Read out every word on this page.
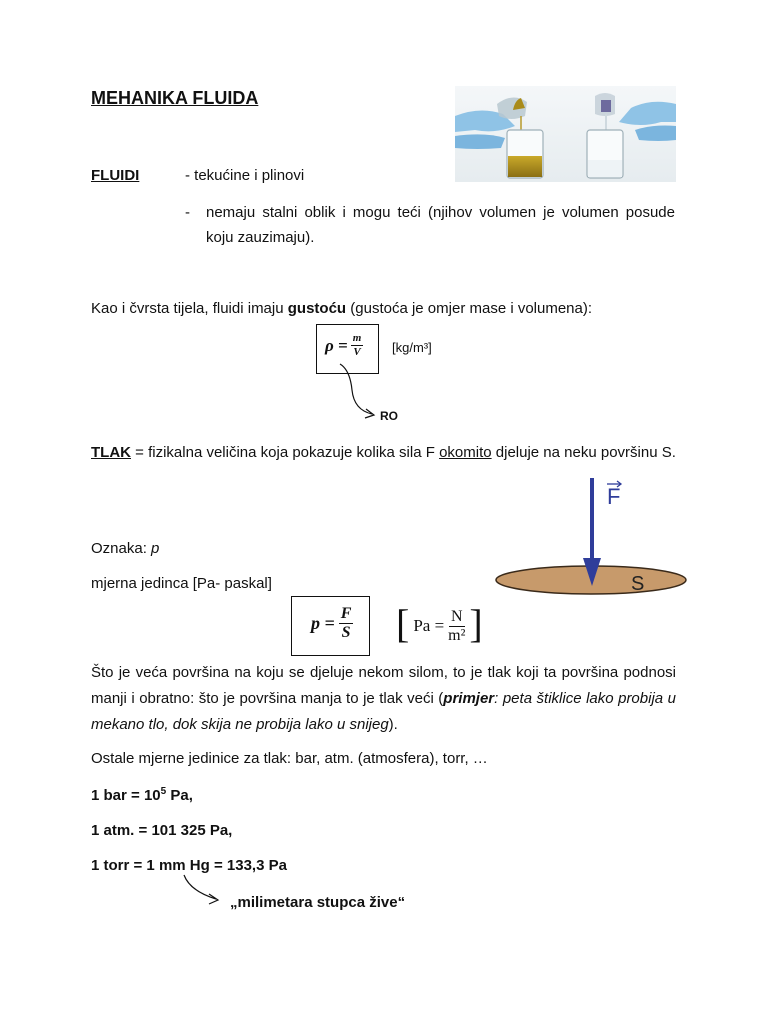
MEHANIKA FLUIDA
FLUIDI	- tekućine i plinovi
- nemaju stalni oblik i mogu teći (njihov volumen je volumen posude koju zauzimaju).
Kao i čvrsta tijela, fluidi imaju gustoću (gustoća je omjer mase i volumena):
$\rho = \frac{m}{V} [kg/m^3]$
RO
TLAK = fizikalna veličina koja pokazuje kolika sila F okomito djeluje na neku površinu S.
F
S
Oznaka: p
mjerna jedinca [Pa- paskal]
$p = \frac{F}{S}$ [ $Pa = \frac{N}{\text{m²}}$ ]
Što je veća površina na koju se djeluje nekom silom, to je tlak koji ta površina podnosi manji i obratno: što je površina manja to je tlak veći (primjer: peta štiklice lako probija u mekano tlo, dok skija ne probija lako u snijeg).
Ostale mjerne jedinice za tlak: bar, atm. (atmosfera), torr, …
1 bar = $10^5$ Pa,
1 atm. = 101 325 Pa,
1 torr = 1 mm Hg = 133,3 Pa
„milimetara stupca žive“
